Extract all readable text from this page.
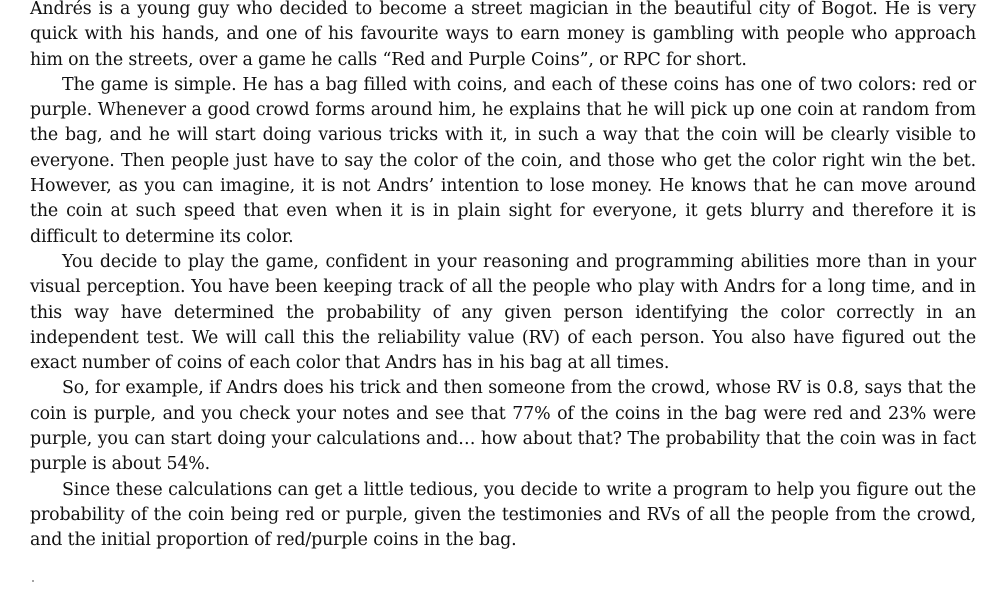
Andrés is a young guy who decided to become a street magician in the beautiful city of Bogot. He is very quick with his hands, and one of his favourite ways to earn money is gambling with people who approach him on the streets, over a game he calls “Red and Purple Coins”, or RPC for short.

The game is simple. He has a bag filled with coins, and each of these coins has one of two colors: red or purple. Whenever a good crowd forms around him, he explains that he will pick up one coin at random from the bag, and he will start doing various tricks with it, in such a way that the coin will be clearly visible to everyone. Then people just have to say the color of the coin, and those who get the color right win the bet. However, as you can imagine, it is not Andrs’ intention to lose money. He knows that he can move around the coin at such speed that even when it is in plain sight for everyone, it gets blurry and therefore it is difficult to determine its color.

You decide to play the game, confident in your reasoning and programming abilities more than in your visual perception. You have been keeping track of all the people who play with Andrs for a long time, and in this way have determined the probability of any given person identifying the color correctly in an independent test. We will call this the reliability value (RV) of each person. You also have figured out the exact number of coins of each color that Andrs has in his bag at all times.

So, for example, if Andrs does his trick and then someone from the crowd, whose RV is 0.8, says that the coin is purple, and you check your notes and see that 77% of the coins in the bag were red and 23% were purple, you can start doing your calculations and… how about that? The probability that the coin was in fact purple is about 54%.

Since these calculations can get a little tedious, you decide to write a program to help you figure out the probability of the coin being red or purple, given the testimonies and RVs of all the people from the crowd, and the initial proportion of red/purple coins in the bag.
